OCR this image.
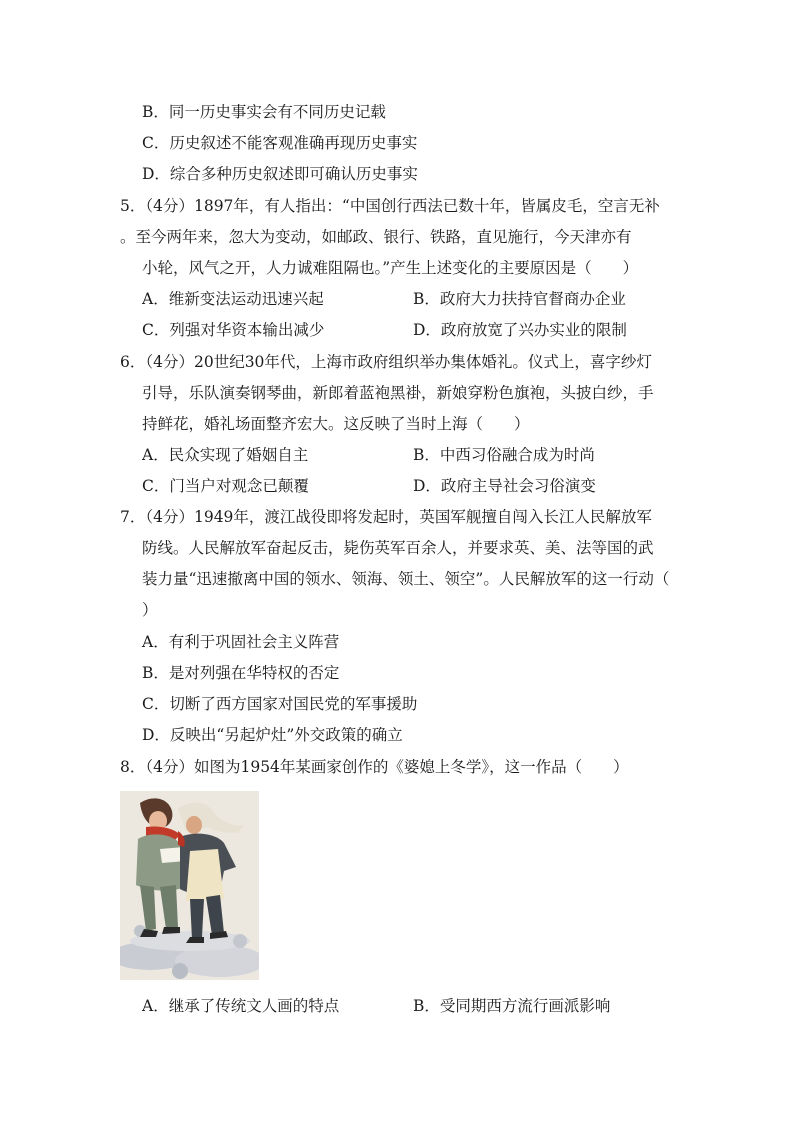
B．同一历史事实会有不同历史记载
C．历史叙述不能客观准确再现历史事实
D．综合多种历史叙述即可确认历史事实
5．（4分）1897年，有人指出：“中国创行西法已数十年，皆属皮毛，空言无补
。至今两年来，忽大为变动，如邮政、银行、铁路，直见施行，今天津亦有
小轮，风气之开，人力诚难阻隔也。”产生上述变化的主要原因是（　　）
A．维新变法运动迅速兴起	B．政府大力扶持官督商办企业
C．列强对华资本输出减少	D．政府放宽了兴办实业的限制
6．（4分）20世纪30年代，上海市政府组织举办集体婚礼。仪式上，喜字纱灯
引导，乐队演奏钢琴曲，新郎着蓝袍黑褂，新娘穿粉色旗袍，头披白纱，手
持鲜花，婚礼场面整齐宏大。这反映了当时上海（　　）
A．民众实现了婚姻自主	B．中西习俗融合成为时尚
C．门当户对观念已颠覆	D．政府主导社会习俗演变
7．（4分）1949年，渡江战役即将发起时，英国军舰擅自闯入长江人民解放军
防线。人民解放军奋起反击，毙伤英军百余人，并要求英、美、法等国的武
装力量“迅速撤离中国的领水、领海、领土、领空”。人民解放军的这一行动（
）
A．有利于巩固社会主义阵营
B．是对列强在华特权的否定
C．切断了西方国家对国民党的军事援助
D．反映出“另起炉灶”外交政策的确立
8．（4分）如图为1954年某画家创作的《婆媳上冬学》，这一作品（　　）
A．继承了传统文人画的特点	B．受同期西方流行画派影响
